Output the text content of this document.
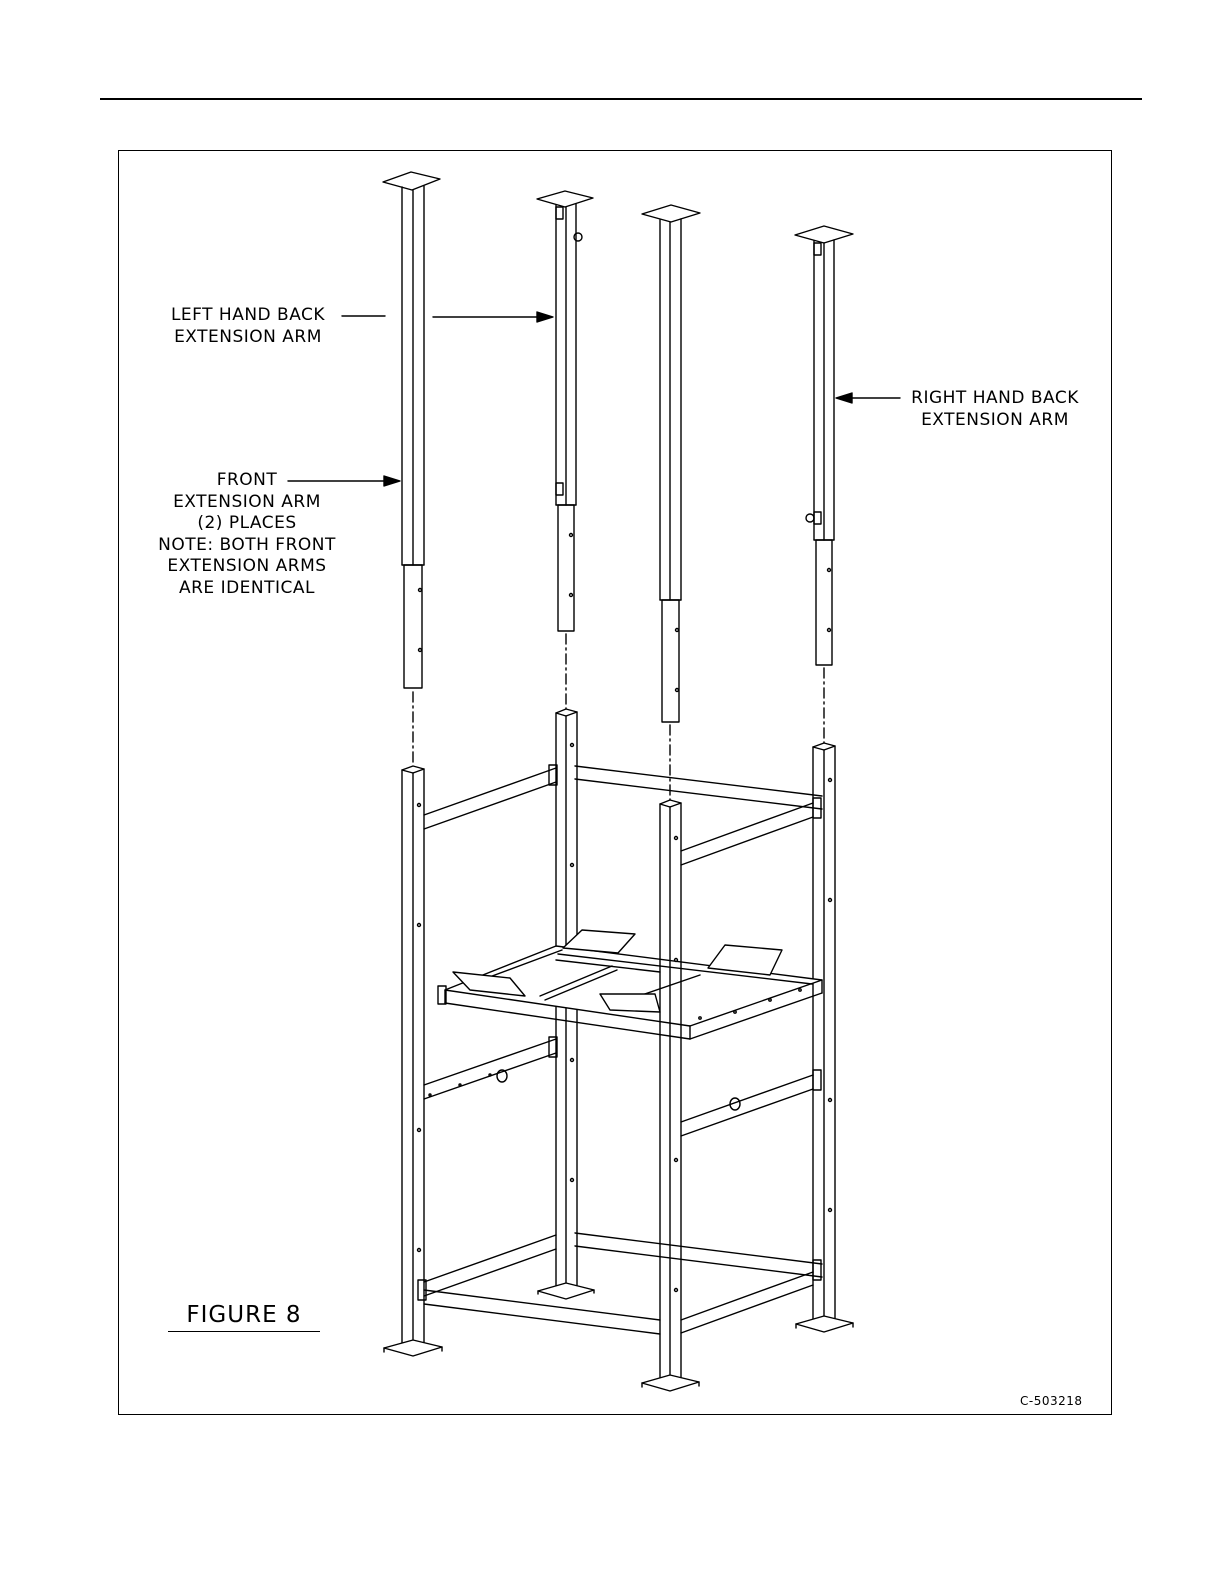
LEFT HAND BACK
EXTENSION ARM
RIGHT HAND BACK
EXTENSION ARM
FRONT
EXTENSION ARM
(2) PLACES
NOTE: BOTH FRONT
EXTENSION ARMS
ARE IDENTICAL
FIGURE 8
C-503218
